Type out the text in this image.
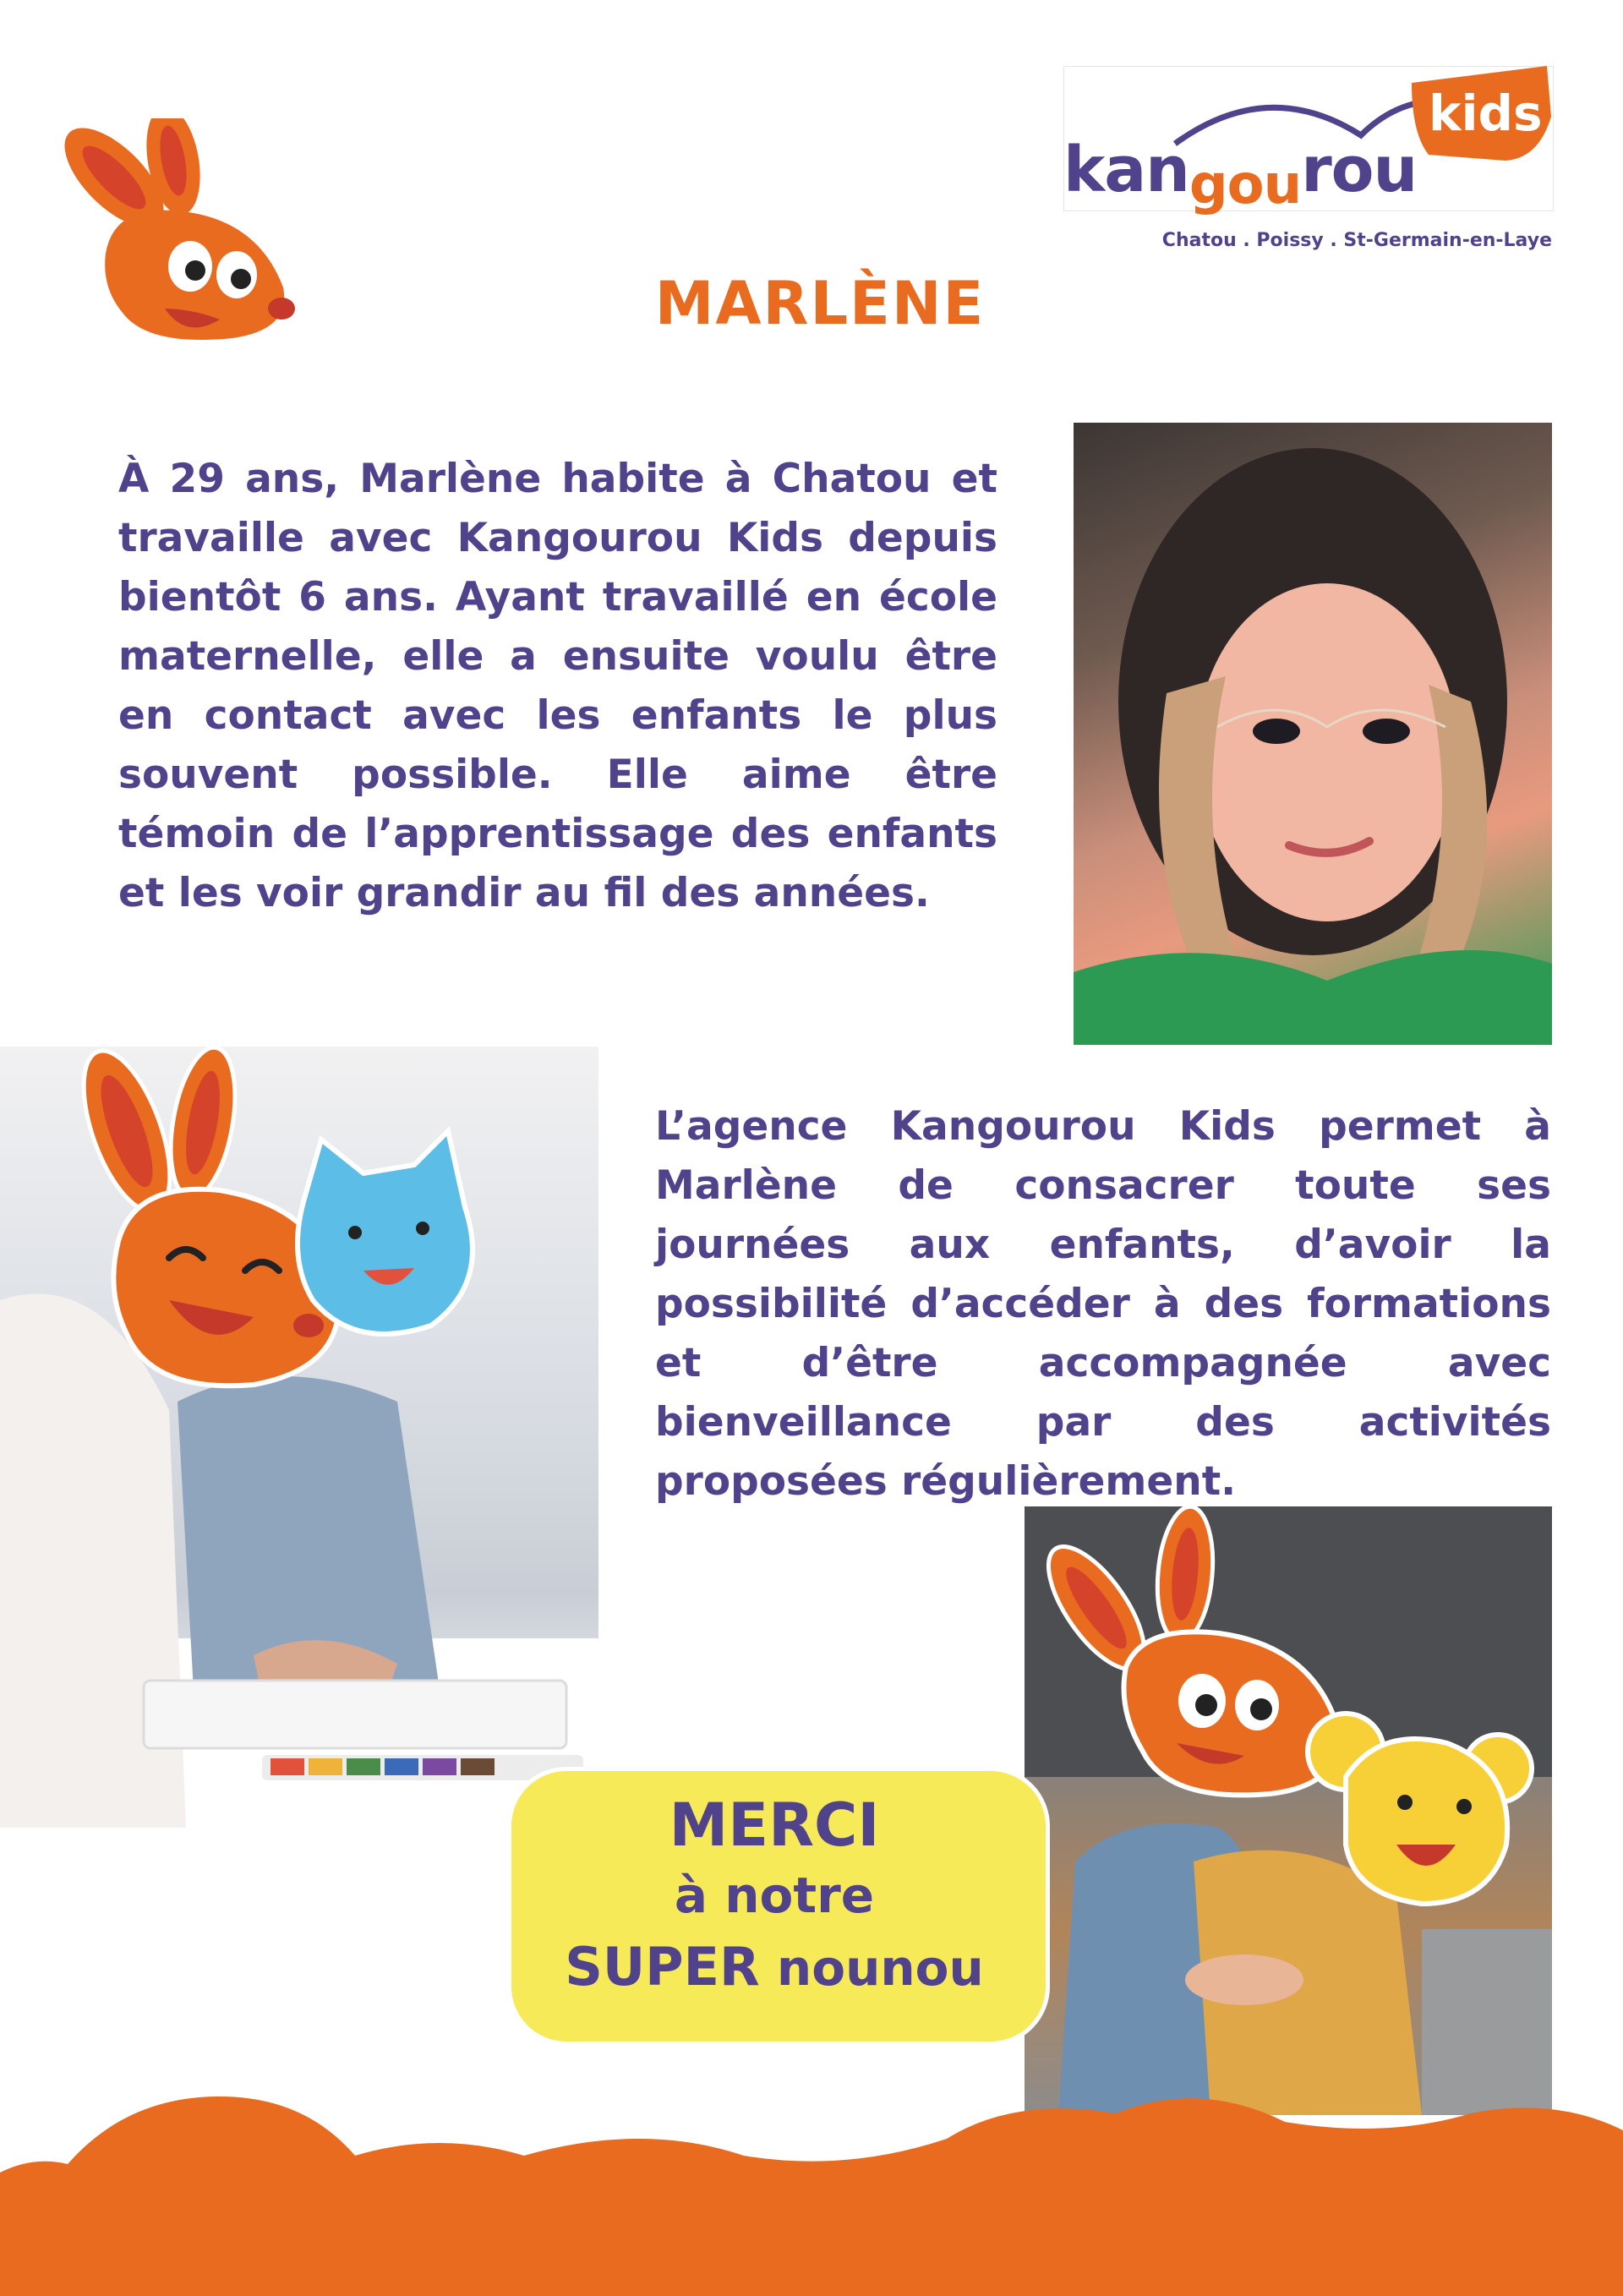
kids
kangourou
Chatou . Poissy . St-Germain-en-Laye
MARLÈNE
À 29 ans, Marlène habite à Chatou et travaille avec Kangourou Kids depuis bientôt 6 ans. Ayant travaillé en école maternelle, elle a ensuite voulu être en contact avec les enfants le plus souvent possible. Elle aime être témoin de l’apprentissage des enfants et les voir grandir au fil des années.
L’agence Kangourou Kids permet à Marlène de consacrer toute ses journées aux enfants, d’avoir la possibilité d’accéder à des formations et d’être accompagnée avec bienveillance par des activités proposées régulièrement.
MERCI
à notre
SUPER nounou
